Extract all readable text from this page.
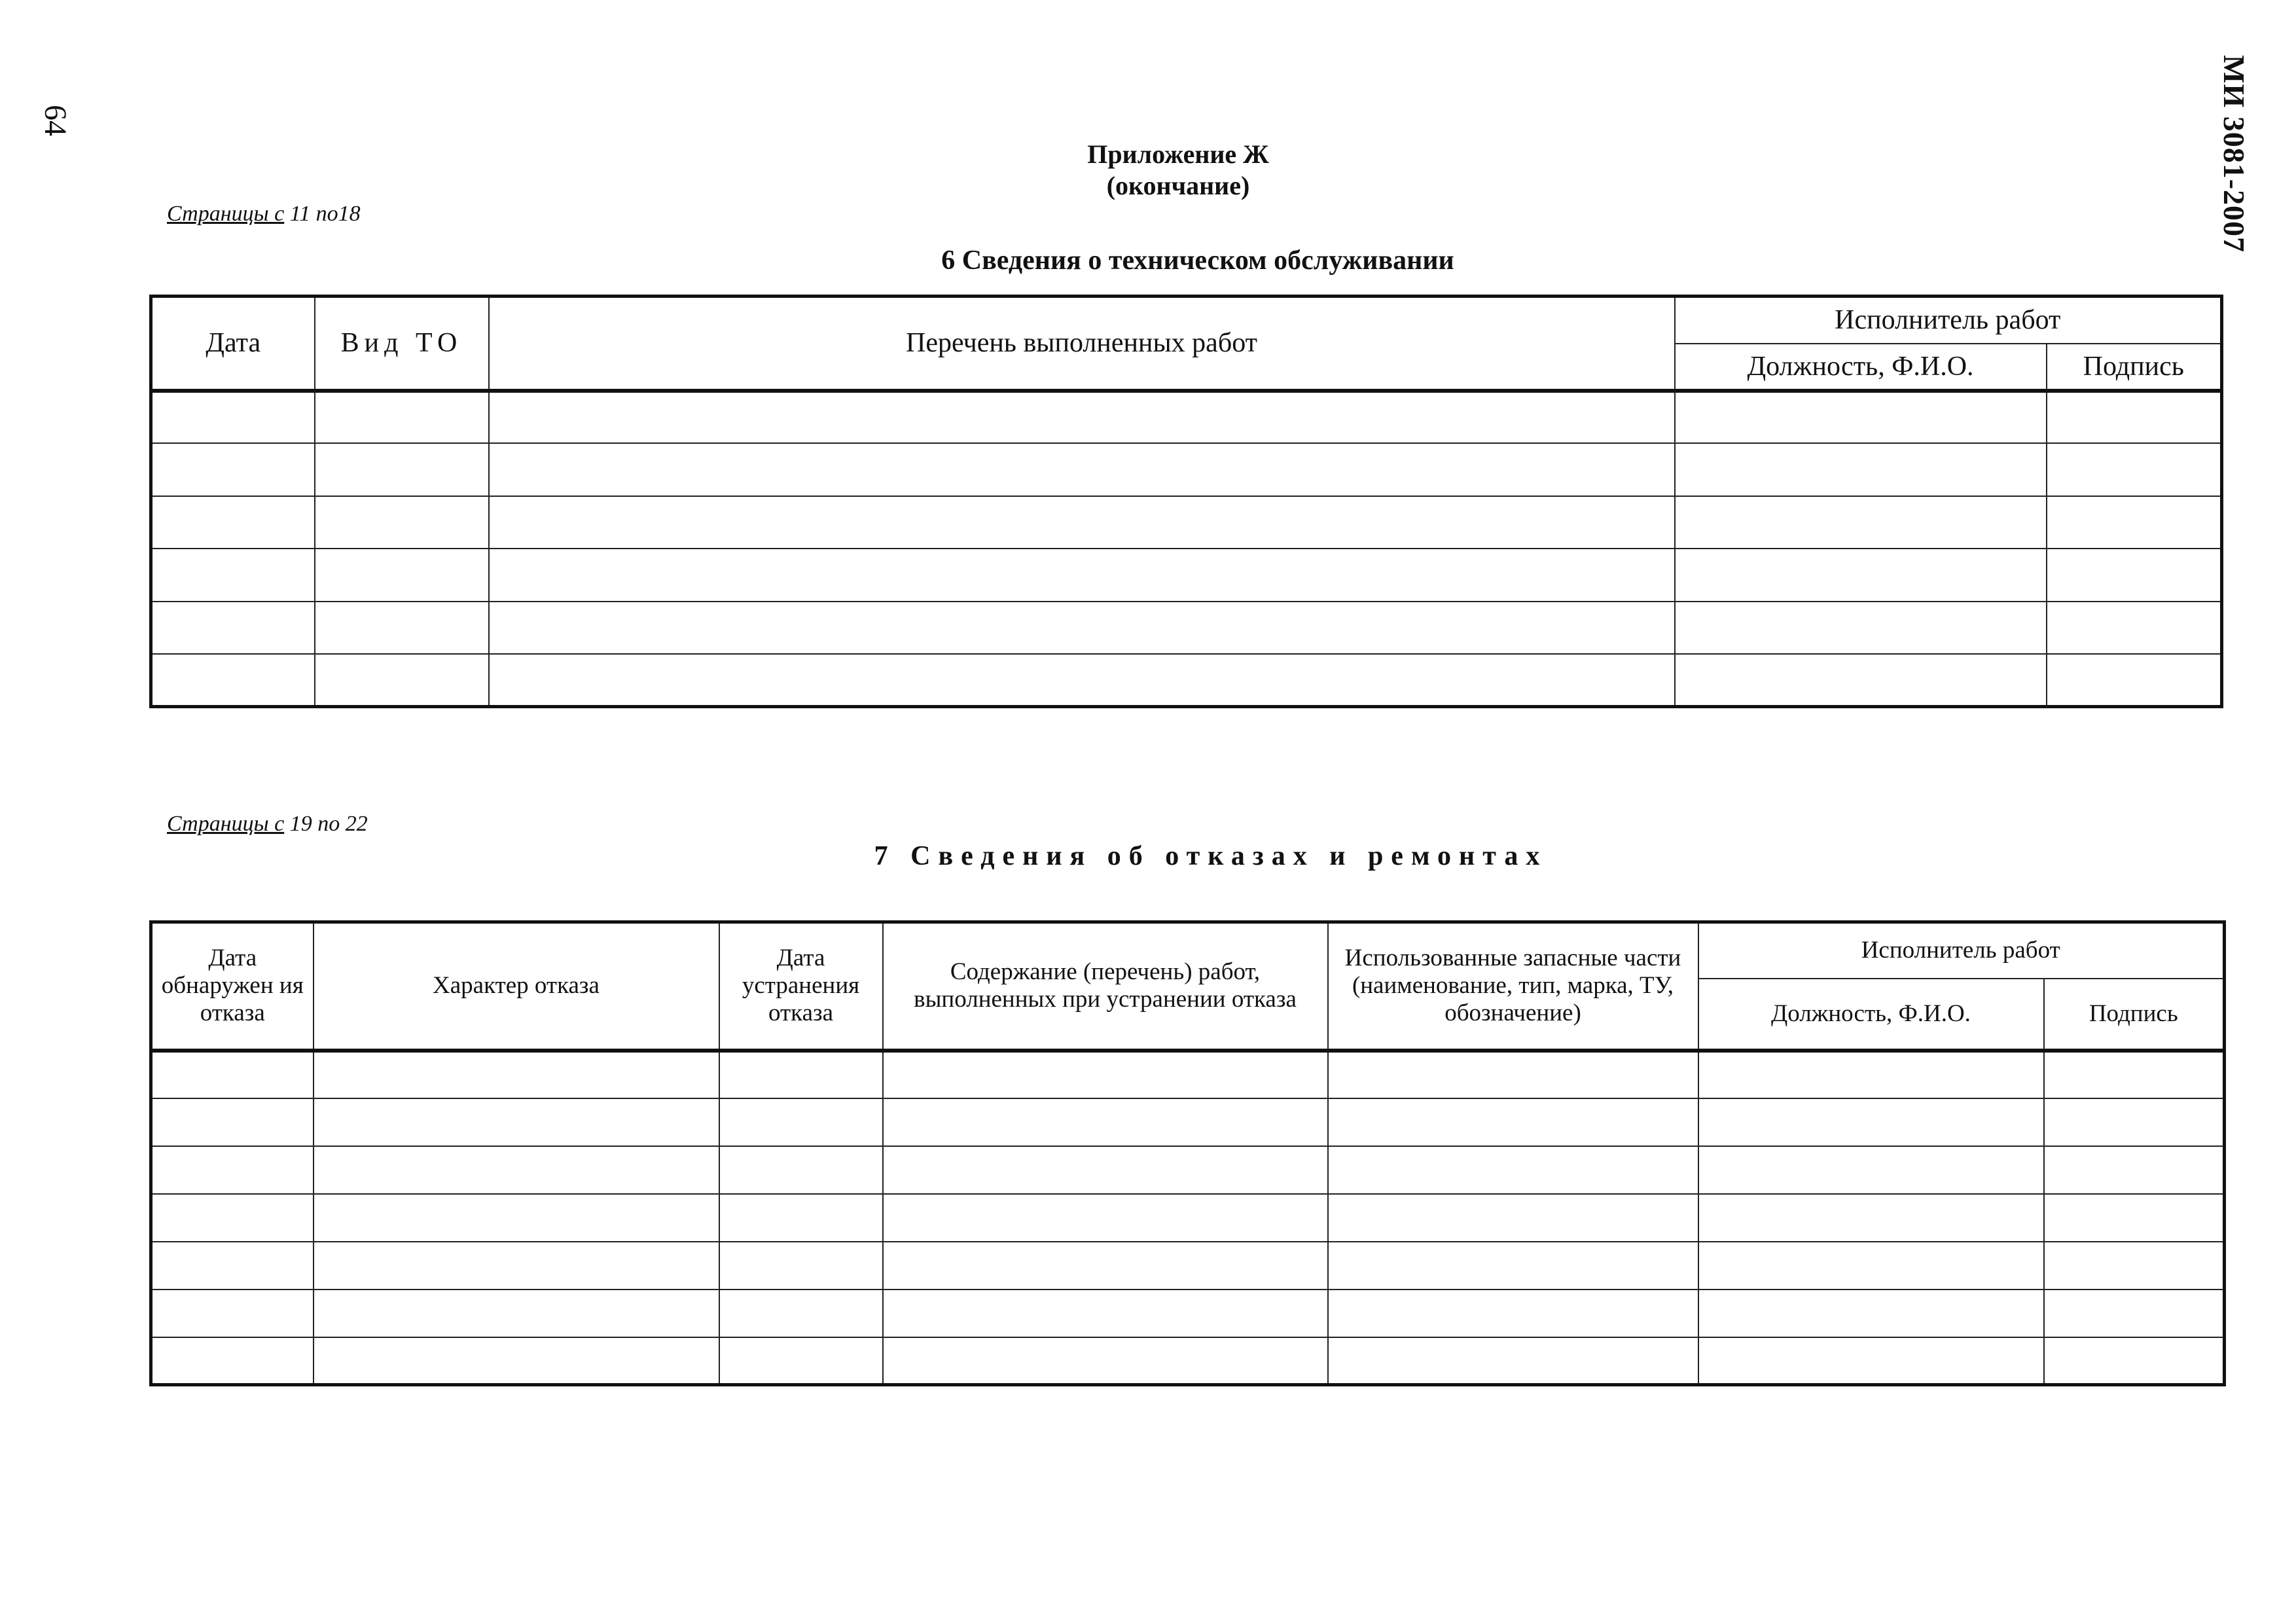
64	МИ 3081-2007
Приложение Ж
(окончание)
Страницы с 11 по18
6 Сведения о техническом обслуживании
Дата	Вид ТО	Перечень выполненных работ	Исполнитель работ	
			Должность, Ф.И.О.	Подпись

Страницы с 19 по 22
7 Сведения об отказах и ремонтах
Дата обнаружен ия отказа	Характер отказа	Дата устранения отказа	Содержание (перечень) работ, выполненных при устранении отказа	Использованные запасные части (наименование, тип, марка, ТУ, обозначение)	Исполнитель работ	
					Должность, Ф.И.О.	Подпись
